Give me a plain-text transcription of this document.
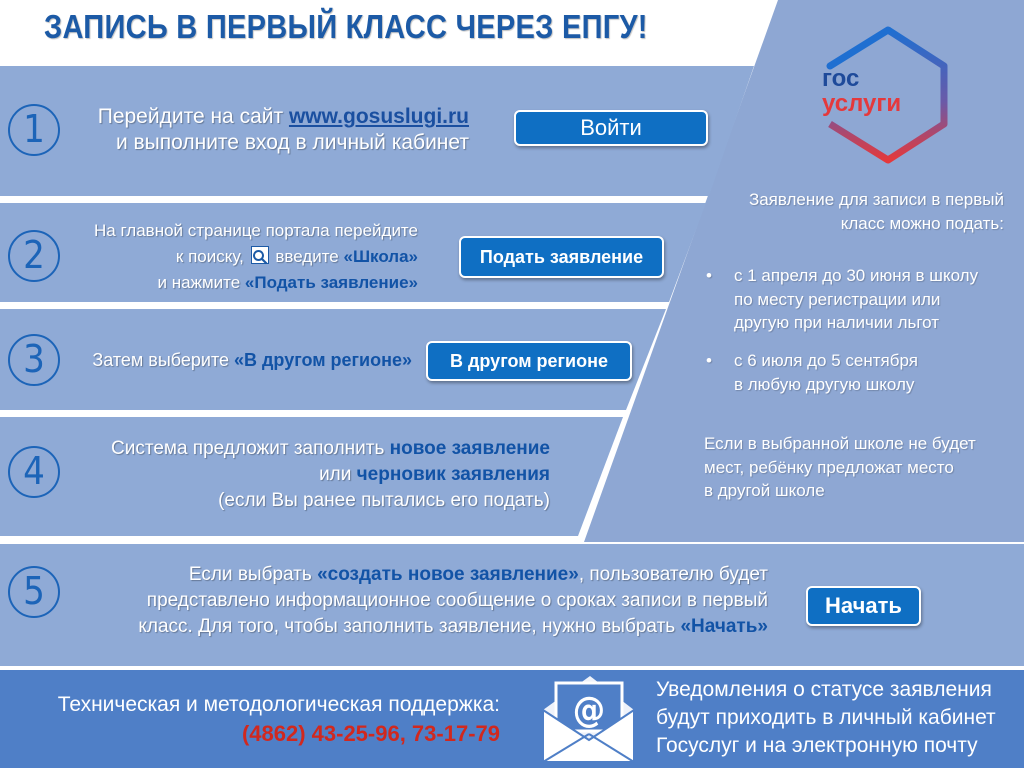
гос
услуги
@
ЗАПИСЬ В ПЕРВЫЙ КЛАСС ЧЕРЕЗ ЕПГУ!
1	Перейдите на сайт www.gosuslugi.ru
и выполните вход в личный кабинет
Войти
2
На главной странице портала перейдите
к поиску,  введите «Школа»
и нажмите «Подать заявление»
Подать заявление
3	Затем выберите «В другом регионе»	В другом регионе
4
Система предложит заполнить новое заявление
или черновик заявления
(если Вы ранее пытались его подать)
5	Если выбрать «создать новое заявление», пользователю будет
представлено информационное сообщение о сроках записи в первый
класс. Для того, чтобы заполнить заявление, нужно выбрать «Начать»
Начать
Заявление для записи в первый
класс можно подать:
• с 1 апреля до 30 июня в школу
по месту регистрации или
другую при наличии льгот
• с 6 июля до 5 сентября
в любую другую школу
Если в выбранной школе не будет
мест, ребёнку предложат место
в другой школе
Техническая и методологическая поддержка:
(4862) 43-25-96, 73-17-79
Уведомления о статусе заявления
будут приходить в личный кабинет
Госуслуг и на электронную почту
